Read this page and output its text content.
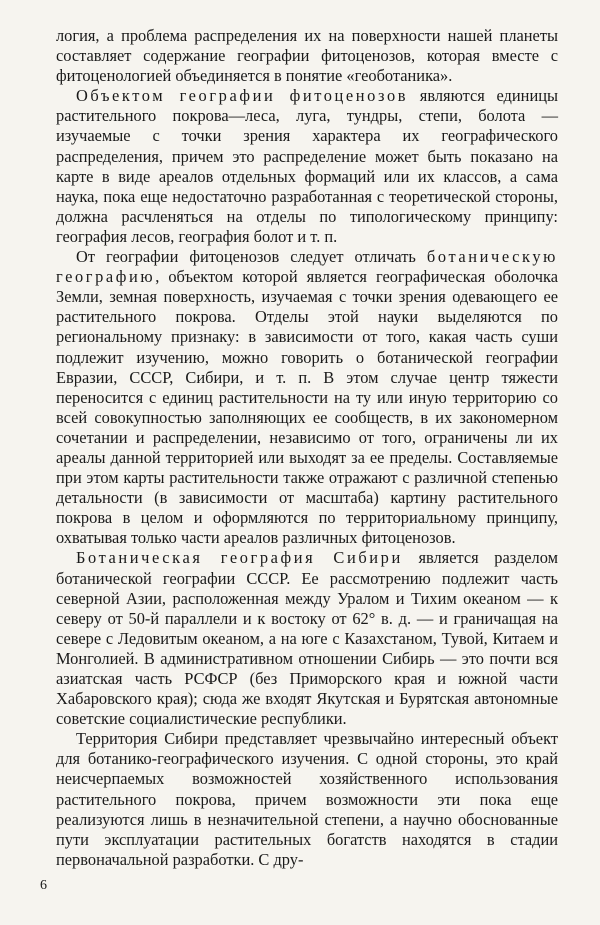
логия, а проблема распределения их на поверхности нашей планеты составляет содержание географии фитоценозов, которая вместе с фитоценологией объединяется в понятие «геоботаника».

Объектом географии фитоценозов являются единицы растительного покрова—леса, луга, тундры, степи, болота — изучаемые с точки зрения характера их географического распределения, причем это распределение может быть показано на карте в виде ареалов отдельных формаций или их классов, а сама наука, пока еще недостаточно разработанная с теоретической стороны, должна расчленяться на отделы по типологическому принципу: география лесов, география болот и т. п.

От географии фитоценозов следует отличать ботаническую географию, объектом которой является географическая оболочка Земли, земная поверхность, изучаемая с точки зрения одевающего ее растительного покрова. Отделы этой науки выделяются по региональному признаку: в зависимости от того, какая часть суши подлежит изучению, можно говорить о ботанической географии Евразии, СССР, Сибири, и т. п. В этом случае центр тяжести переносится с единиц растительности на ту или иную территорию со всей совокупностью заполняющих ее сообществ, в их закономерном сочетании и распределении, независимо от того, ограничены ли их ареалы данной территорией или выходят за ее пределы. Составляемые при этом карты растительности также отражают с различной степенью детальности (в зависимости от масштаба) картину растительного покрова в целом и оформляются по территориальному принципу, охватывая только части ареалов различных фитоценозов.

Ботаническая география Сибири является разделом ботанической географии СССР. Ее рассмотрению подлежит часть северной Азии, расположенная между Уралом и Тихим океаном — к северу от 50-й параллели и к востоку от 62° в. д. — и граничащая на севере с Ледовитым океаном, а на юге с Казахстаном, Тувой, Китаем и Монголией. В административном отношении Сибирь — это почти вся азиатская часть РСФСР (без Приморского края и южной части Хабаровского края); сюда же входят Якутская и Бурятская автономные советские социалистические республики.

Территория Сибири представляет чрезвычайно интересный объект для ботанико-географического изучения. С одной стороны, это край неисчерпаемых возможностей хозяйственного использования растительного покрова, причем возможности эти пока еще реализуются лишь в незначительной степени, а научно обоснованные пути эксплуатации растительных богатств находятся в стадии первоначальной разработки. С дру-

6
